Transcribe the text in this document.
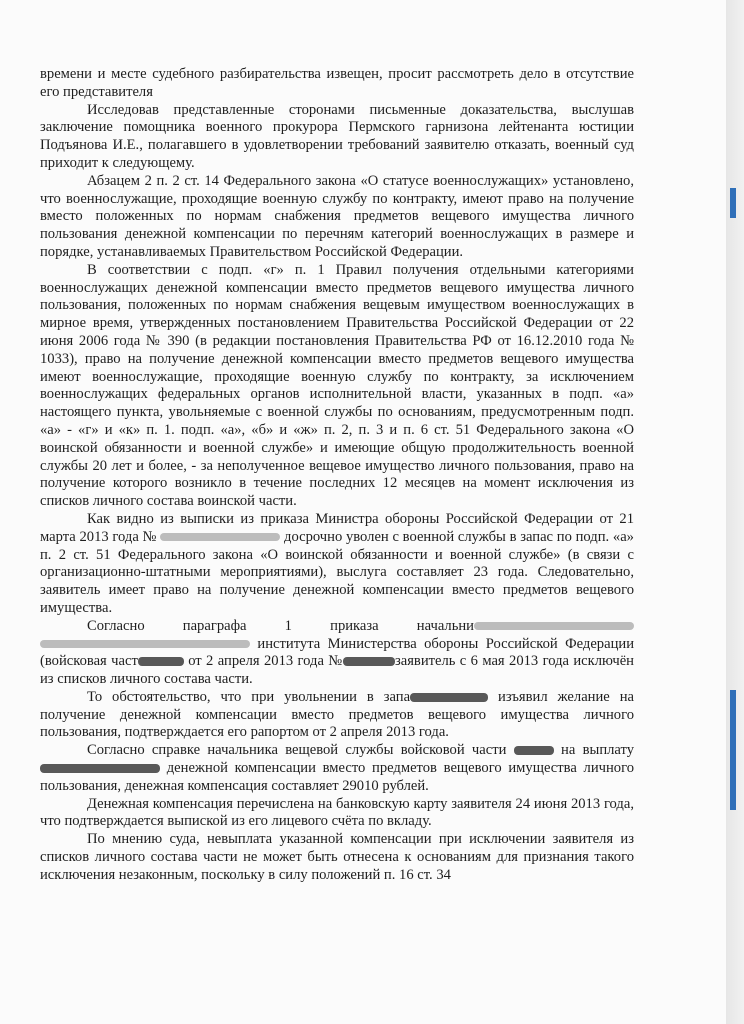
времени и месте судебного разбирательства извещен, просит рассмотреть дело в отсутствие его представителя

Исследовав представленные сторонами письменные доказательства, выслушав заключение помощника военного прокурора Пермского гарнизона лейтенанта юстиции Подъянова И.Е., полагавшего в удовлетворении требований заявителю отказать, военный суд приходит к следующему.

Абзацем 2 п. 2 ст. 14 Федерального закона «О статусе военнослужащих» установлено, что военнослужащие, проходящие военную службу по контракту, имеют право на получение вместо положенных по нормам снабжения предметов вещевого имущества личного пользования денежной компенсации по перечням категорий военнослужащих в размере и порядке, устанавливаемых Правительством Российской Федерации.

В соответствии с подп. «г» п. 1 Правил получения отдельными категориями военнослужащих денежной компенсации вместо предметов вещевого имущества личного пользования, положенных по нормам снабжения вещевым имуществом военнослужащих в мирное время, утвержденных постановлением Правительства Российской Федерации от 22 июня 2006 года № 390 (в редакции постановления Правительства РФ от 16.12.2010 года № 1033), право на получение денежной компенсации вместо предметов вещевого имущества имеют военнослужащие, проходящие военную службу по контракту, за исключением военнослужащих федеральных органов исполнительной власти, указанных в подп. «а» настоящего пункта, увольняемые с военной службы по основаниям, предусмотренным подп. «а» - «г» и «к» п. 1. подп. «а», «б» и «ж» п. 2, п. 3 и п. 6 ст. 51 Федерального закона «О воинской обязанности и военной службе» и имеющие общую продолжительность военной службы 20 лет и более, - за неполученное вещевое имущество личного пользования, право на получение которого возникло в течение последних 12 месяцев на момент исключения из списков личного состава воинской части.

Как видно из выписки из приказа Министра обороны Российской Федерации от 21 марта 2013 года №	досрочно уволен с военной службы в запас по подп. «а» п. 2 ст. 51 Федерального закона «О воинской обязанности и военной службе» (в связи с организационно-штатными мероприятиями), выслуга составляет 23 года. Следовательно, заявитель имеет право на получение денежной компенсации вместо предметов вещевого имущества.

Согласно параграфа 1 приказа начальни  института Министерства обороны Российской Федерации (войсковая част	от 2 апреля 2013 года №	заявитель с 6 мая 2013 года исключён из списков личного состава части.

То обстоятельство, что при увольнении в запа	изъявил желание на получение денежной компенсации вместо предметов вещевого имущества личного пользования, подтверждается его рапортом от 2 апреля 2013 года.

Согласно справке начальника вещевой службы войсковой части	на выплату  денежной компенсации вместо предметов вещевого имущества личного пользования, денежная компенсация составляет 29010 рублей.

Денежная компенсация перечислена на банковскую карту заявителя 24 июня 2013 года, что подтверждается выпиской из его лицевого счёта по вкладу.

По мнению суда, невыплата указанной компенсации при исключении заявителя из списков личного состава части не может быть отнесена к основаниям для признания такого исключения незаконным, поскольку в силу положений п. 16 ст. 34
